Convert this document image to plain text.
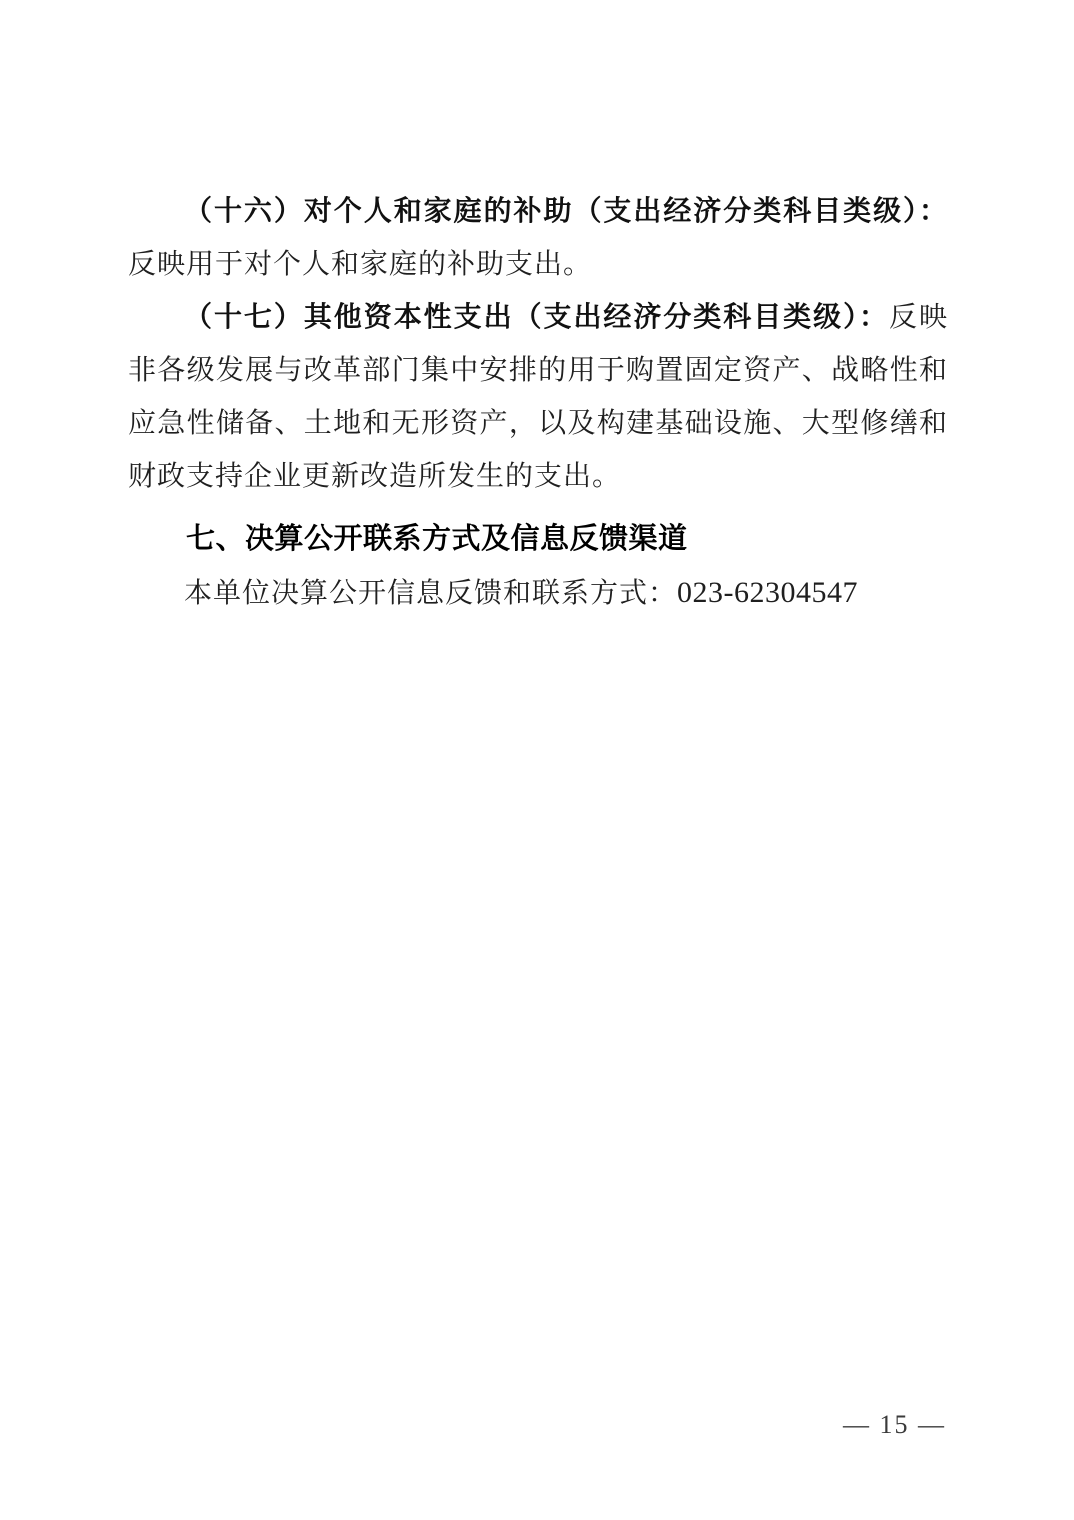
（十六）对个人和家庭的补助（支出经济分类科目类级）：反映用于对个人和家庭的补助支出。

（十七）其他资本性支出（支出经济分类科目类级）：反映非各级发展与改革部门集中安排的用于购置固定资产、战略性和应急性储备、土地和无形资产，以及构建基础设施、大型修缮和财政支持企业更新改造所发生的支出。

七、决算公开联系方式及信息反馈渠道

本单位决算公开信息反馈和联系方式：023-62304547

— 15 —
